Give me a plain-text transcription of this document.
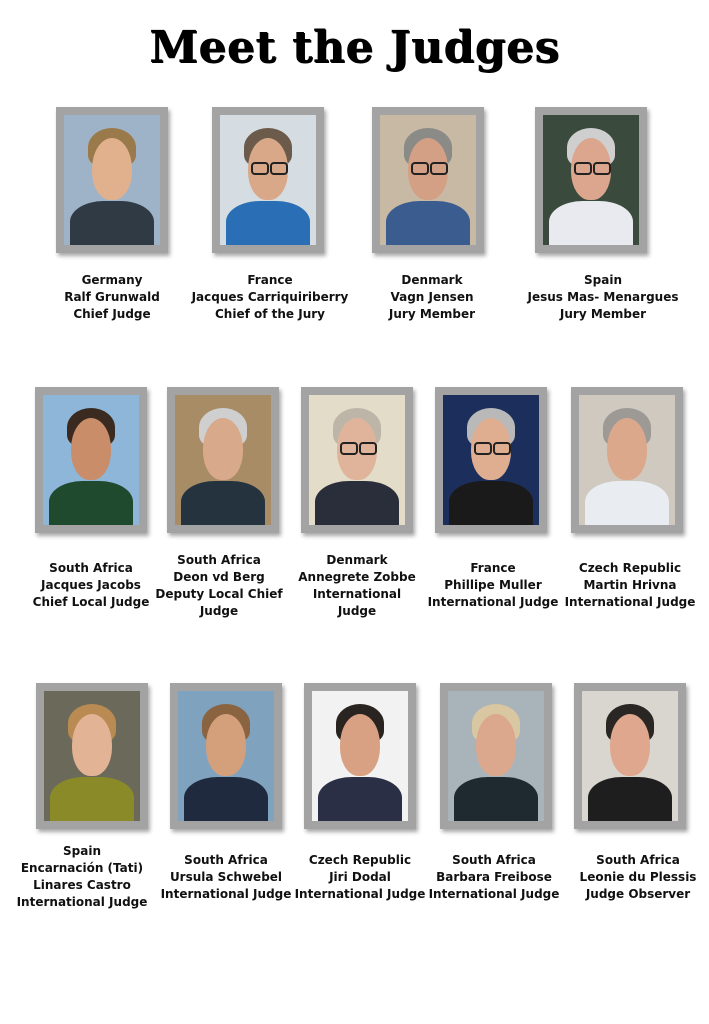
Meet the Judges
Germany
Ralf Grunwald
Chief Judge
France
Jacques Carriquiriberry
Chief of the Jury
Denmark
Vagn Jensen
Jury Member
Spain
Jesus Mas- Menargues
Jury Member
South Africa
Jacques Jacobs
Chief Local Judge
South Africa
Deon vd Berg
Deputy Local Chief
Judge
Denmark
Annegrete Zobbe
International
Judge
France
Phillipe Muller
International Judge
Czech Republic
Martin Hrivna
International Judge
Spain
Encarnación (Tati)
Linares Castro
International Judge
South Africa
Ursula Schwebel
International Judge
Czech Republic
Jiri Dodal
International Judge
South Africa
Barbara Freibose
International Judge
South Africa
Leonie du Plessis
Judge Observer
